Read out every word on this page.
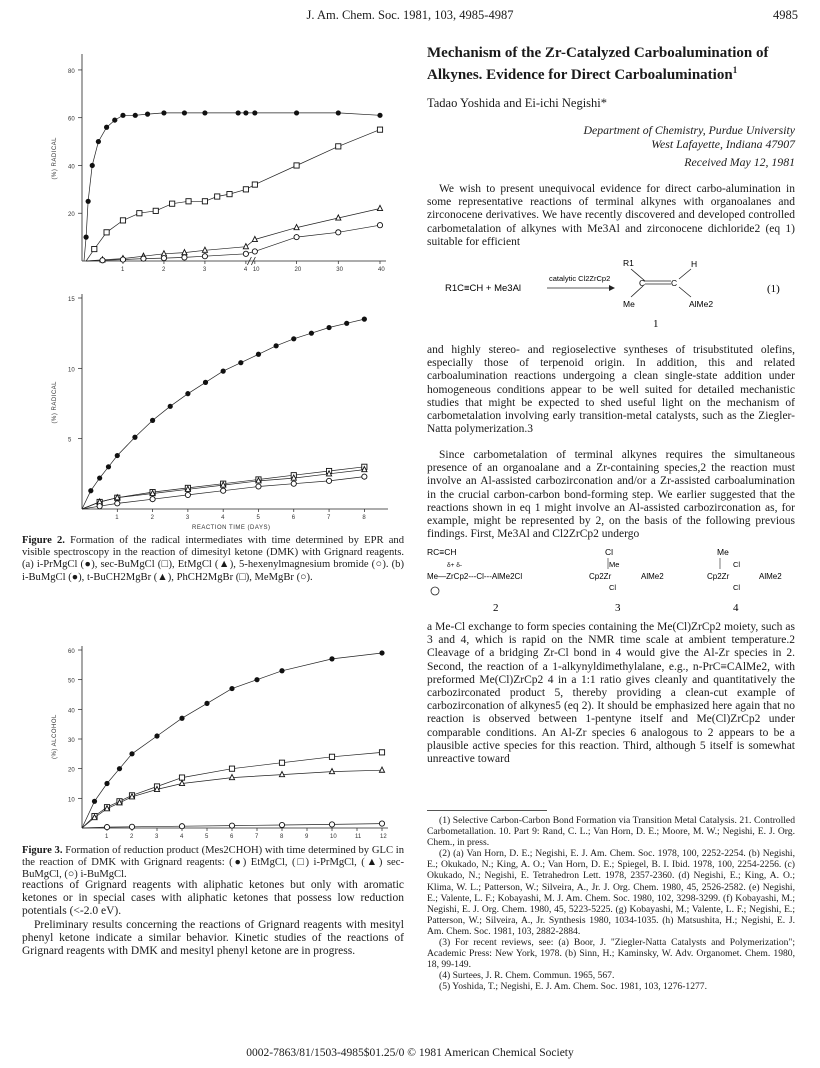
J. Am. Chem. Soc. 1981, 103, 4985-4987	4985
20
40
60
80
1	2	3	4 10	20	30	40
(%) RADICAL
5
10
15
1	2	3	4	5	6	7	8
REACTION TIME (DAYS)
(%) RADICAL
Figure 2. Formation of the radical intermediates with time determined by EPR and visible spectroscopy in the reaction of dimesityl ketone (DMK) with Grignard reagents. (a) i-PrMgCl (●), sec-BuMgCl (□), EtMgCl (▲), 5-hexenylmagnesium bromide (○). (b) i-BuMgCl (●), t-BuCH2MgBr (▲), PhCH2MgBr (□), MeMgBr (○).
10
20
30
40
50
60
1	2	3	4	5	6	7	8	9	10	11	12
(%) ALCOHOL
Figure 3. Formation of reduction product (Mes2CHOH) with time determined by GLC in the reaction of DMK with Grignard reagents: (●) EtMgCl, (□) i-PrMgCl, (▲) sec-BuMgCl, (○) i-BuMgCl.

reactions of Grignard reagents with aliphatic ketones but only with aromatic ketones or in special cases with aliphatic ketones that possess low reduction potentials (<-2.0 eV).

Preliminary results concerning the reactions of Grignard reagents with mesityl phenyl ketone indicate a similar behavior. Kinetic studies of the reactions of Grignard reagents with DMK and mesityl phenyl ketone are in progress.

Mechanism of the Zr-Catalyzed Carboalumination of Alkynes. Evidence for Direct Carboalumination$^1$
Tadao Yoshida and Ei-ichi Negishi*
Department of Chemistry, Purdue University
West Lafayette, Indiana 47907
Received May 12, 1981
We wish to present unequivocal evidence for direct carbo-alumination in some representative reactions of terminal alkynes with organoalanes and zirconocene derivatives. We have recently discovered and developed controlled carbometalation of alkynes with Me3Al and zirconocene dichloride2 (eq 1) suitable for efficient
R1C≡CH + Me3Al
catalytic Cl2ZrCp2
R1
C	C
H
Me	AlMe2
(1)
1
and highly stereo- and regioselective syntheses of trisubstituted olefins, especially those of terpenoid origin. In addition, this and related carboalumination reactions undergoing a clean single-state addition under homogeneous conditions appear to be well suited for detailed mechanistic studies that might be expected to shed useful light on the mechanism of carbometalation involving early transition-metal catalysts, such as the Ziegler-Natta polymerization.3
Since carbometalation of terminal alkynes requires the simultaneous presence of an organoalane and a Zr-containing species,2 the reaction must involve an Al-assisted carbozirconation and/or a Zr-assisted carboalumination in the crucial carbon-carbon bond-forming step. We earlier suggested that the reactions shown in eq 1 might involve an Al-assisted carbozirconation as, for example, might be represented by 2, on the basis of the following previous findings. First, Me3Al and Cl2ZrCp2 undergo
RC≡CH
δ+ δ-
Me—ZrCp2---Cl---AlMe2Cl
2
Cl
Cp2Zr
Me
AlMe2
Cl
3
Me
Cp2Zr
Cl
Cl
AlMe2
4
a Me-Cl exchange to form species containing the Me(Cl)ZrCp2 moiety, such as 3 and 4, which is rapid on the NMR time scale at ambient temperature.2 Cleavage of a bridging Zr-Cl bond in 4 would give the Al-Zr species in 2. Second, the reaction of a 1-alkynyldimethylalane, e.g., n-PrC≡CAlMe2, with preformed Me(Cl)ZrCp2 4 in a 1:1 ratio gives cleanly and quantitatively the carbozirconated product 5, thereby providing a clean-cut example of carbozirconation of alkynes5 (eq 2). It should be emphasized here again that no reaction is observed between 1-pentyne itself and Me(Cl)ZrCp2 under comparable conditions. An Al-Zr species 6 analogous to 2 appears to be a plausible active species for this reaction. Third, although 5 itself is somewhat unreactive toward

(1) Selective Carbon-Carbon Bond Formation via Transition Metal Catalysis. 21. Controlled Carbometallation. 10. Part 9: Rand, C. L.; Van Horn, D. E.; Moore, M. W.; Negishi, E. J. Org. Chem., in press.

(2) (a) Van Horn, D. E.; Negishi, E. J. Am. Chem. Soc. 1978, 100, 2252-2254. (b) Negishi, E.; Okukado, N.; King, A. O.; Van Horn, D. E.; Spiegel, B. I. Ibid. 1978, 100, 2254-2256. (c) Okukado, N.; Negishi, E. Tetrahedron Lett. 1978, 2357-2360. (d) Negishi, E.; King, A. O.; Klima, W. L.; Patterson, W.; Silveira, A., Jr. J. Org. Chem. 1980, 45, 2526-2582. (e) Negishi, E.; Valente, L. F.; Kobayashi, M. J. Am. Chem. Soc. 1980, 102, 3298-3299. (f) Kobayashi, M.; Negishi, E. J. Org. Chem. 1980, 45, 5223-5225. (g) Kobayashi, M.; Valente, L. F.; Negishi, E.; Patterson, W.; Silveira, A., Jr. Synthesis 1980, 1034-1035. (h) Matsushita, H.; Negishi, E. J. Am. Chem. Soc. 1981, 103, 2882-2884.

(3) For recent reviews, see: (a) Boor, J. "Ziegler-Natta Catalysts and Polymerization"; Academic Press: New York, 1978. (b) Sinn, H.; Kaminsky, W. Adv. Organomet. Chem. 1980, 18, 99-149.

(4) Surtees, J. R. Chem. Commun. 1965, 567.

(5) Yoshida, T.; Negishi, E. J. Am. Chem. Soc. 1981, 103, 1276-1277.

0002-7863/81/1503-4985$01.25/0 © 1981 American Chemical Society
